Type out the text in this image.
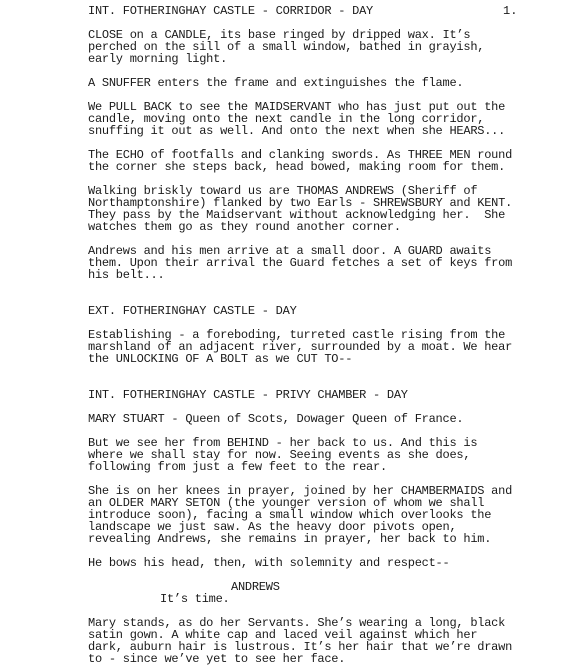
1.
INT. FOTHERINGHAY CASTLE - CORRIDOR - DAY
CLOSE on a CANDLE, its base ringed by dripped wax. It’s
perched on the sill of a small window, bathed in grayish,
early morning light.
A SNUFFER enters the frame and extinguishes the flame.
We PULL BACK to see the MAIDSERVANT who has just put out the
candle, moving onto the next candle in the long corridor,
snuffing it out as well. And onto the next when she HEARS...
The ECHO of footfalls and clanking swords. As THREE MEN round
the corner she steps back, head bowed, making room for them.
Walking briskly toward us are THOMAS ANDREWS (Sheriff of
Northamptonshire) flanked by two Earls - SHREWSBURY and KENT.
They pass by the Maidservant without acknowledging her.  She
watches them go as they round another corner.
Andrews and his men arrive at a small door. A GUARD awaits
them. Upon their arrival the Guard fetches a set of keys from
his belt...
EXT. FOTHERINGHAY CASTLE - DAY
Establishing - a foreboding, turreted castle rising from the
marshland of an adjacent river, surrounded by a moat. We hear
the UNLOCKING OF A BOLT as we CUT TO--
INT. FOTHERINGHAY CASTLE - PRIVY CHAMBER - DAY
MARY STUART - Queen of Scots, Dowager Queen of France.
But we see her from BEHIND - her back to us. And this is
where we shall stay for now. Seeing events as she does,
following from just a few feet to the rear.
She is on her knees in prayer, joined by her CHAMBERMAIDS and
an OLDER MARY SETON (the younger version of whom we shall
introduce soon), facing a small window which overlooks the
landscape we just saw. As the heavy door pivots open,
revealing Andrews, she remains in prayer, her back to him.
He bows his head, then, with solemnity and respect--
ANDREWS
It’s time.
Mary stands, as do her Servants. She’s wearing a long, black
satin gown. A white cap and laced veil against which her
dark, auburn hair is lustrous. It’s her hair that we’re drawn
to - since we’ve yet to see her face.
